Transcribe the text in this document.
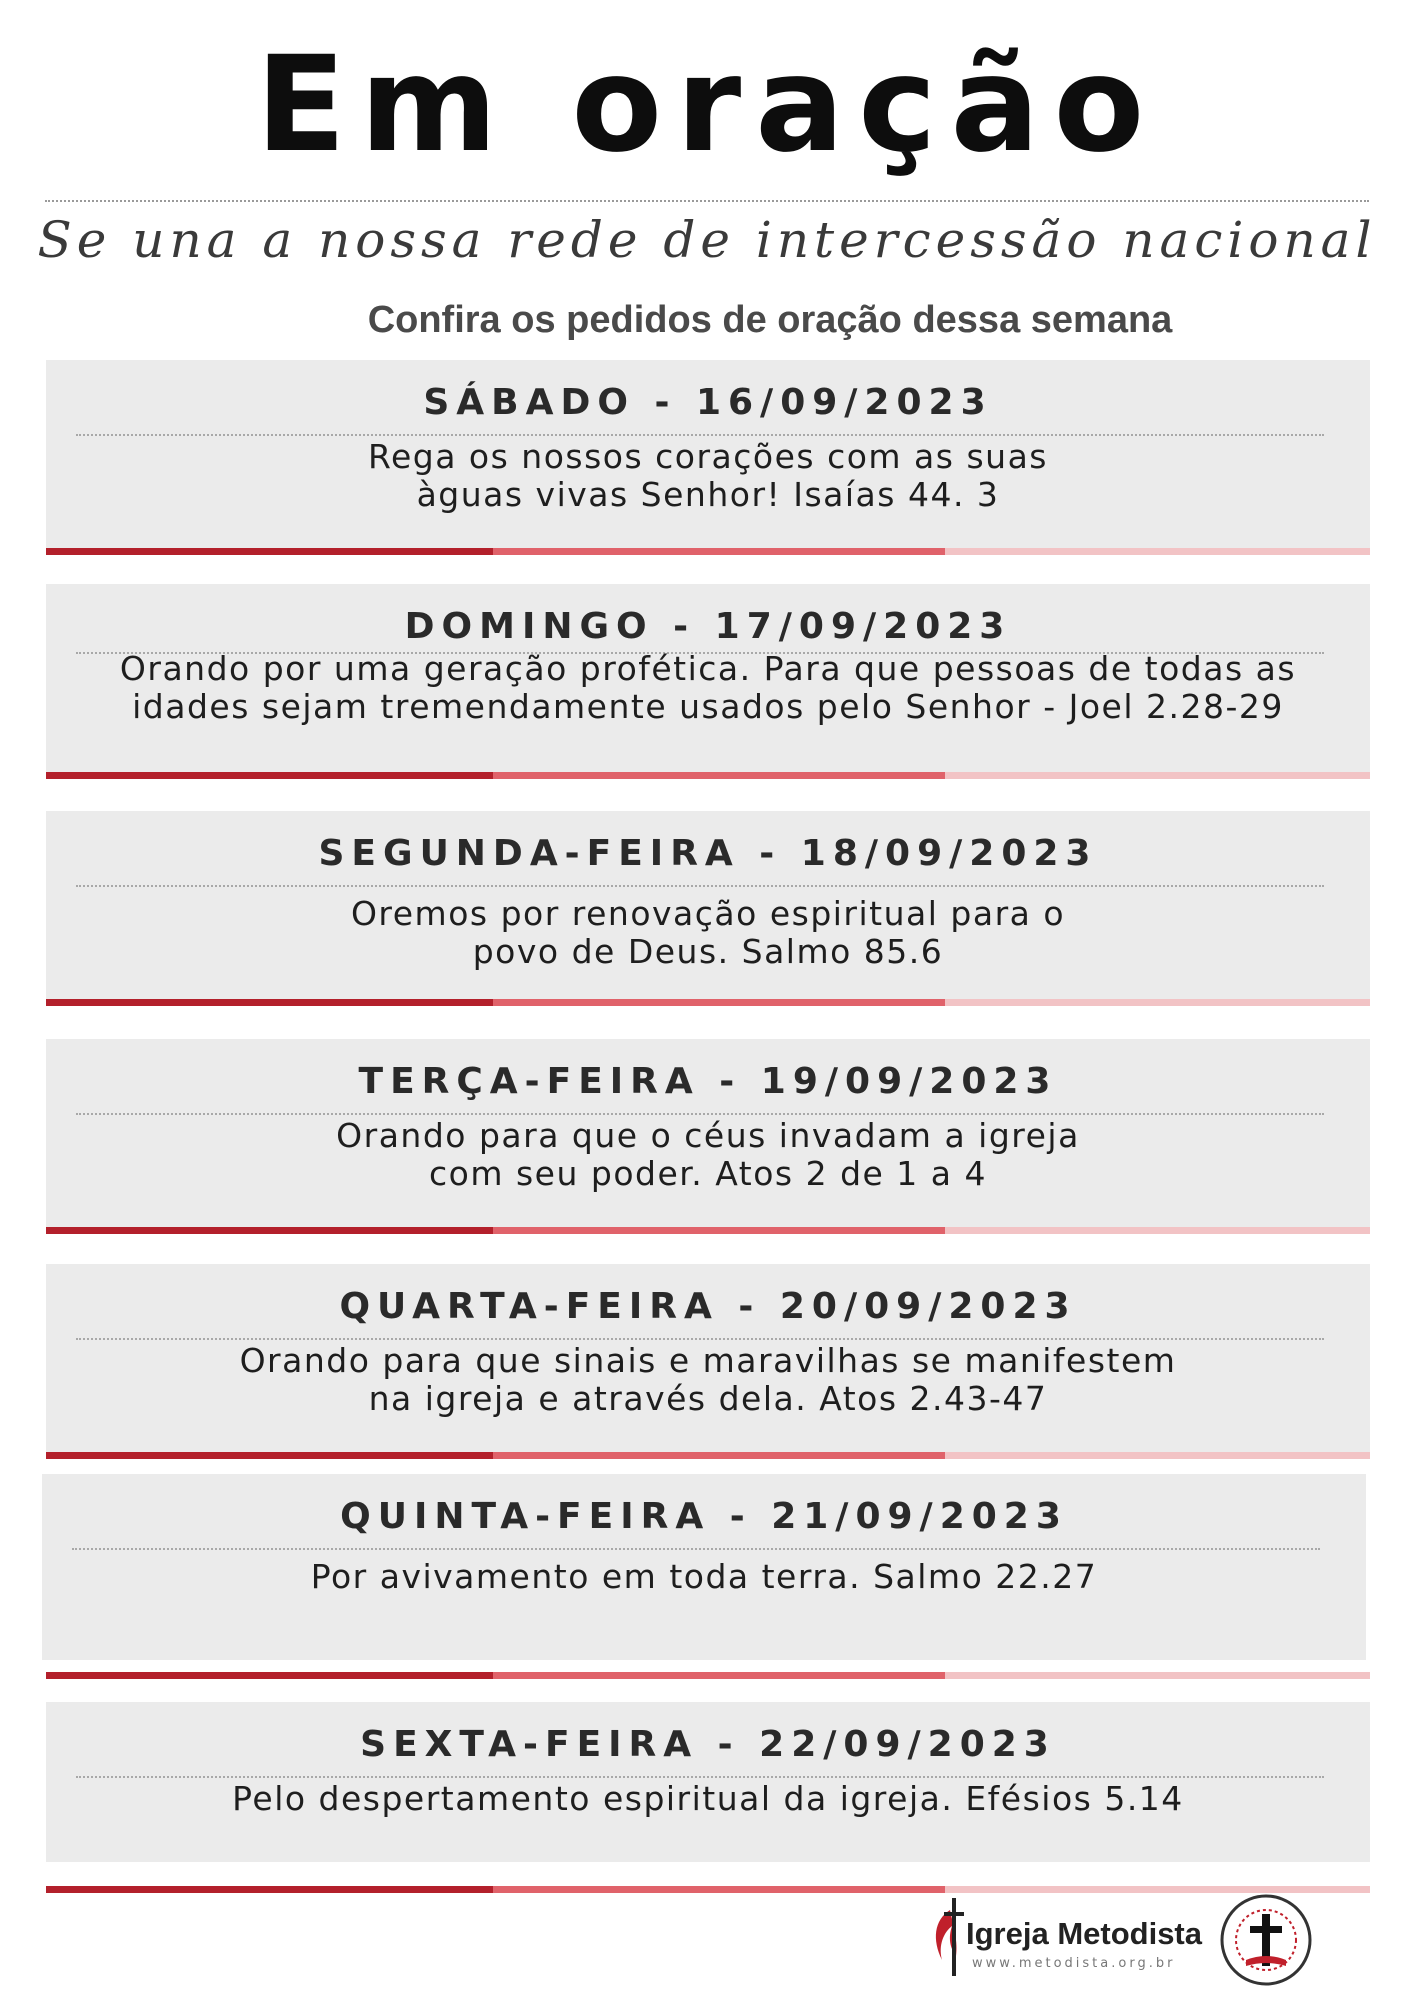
Em oração
Se una a nossa rede de intercessão nacional
Confira os pedidos de oração dessa semana
SÁBADO - 16/09/2023
Rega os nossos corações com as suas
àguas vivas Senhor! Isaías 44. 3
DOMINGO - 17/09/2023
Orando por uma geração profética. Para que pessoas de todas as
idades sejam tremendamente usados pelo Senhor - Joel 2.28-29
SEGUNDA-FEIRA - 18/09/2023
Oremos por renovação espiritual para o
povo de Deus. Salmo 85.6
TERÇA-FEIRA - 19/09/2023
Orando para que o céus invadam a igreja
com seu poder. Atos 2 de 1 a 4
QUARTA-FEIRA - 20/09/2023
Orando para que sinais e maravilhas se manifestem
na igreja e através dela. Atos 2.43-47
QUINTA-FEIRA - 21/09/2023
Por avivamento em toda terra. Salmo 22.27
SEXTA-FEIRA - 22/09/2023
Pelo despertamento espiritual da igreja. Efésios 5.14
Igreja Metodista
www.metodista.org.br
